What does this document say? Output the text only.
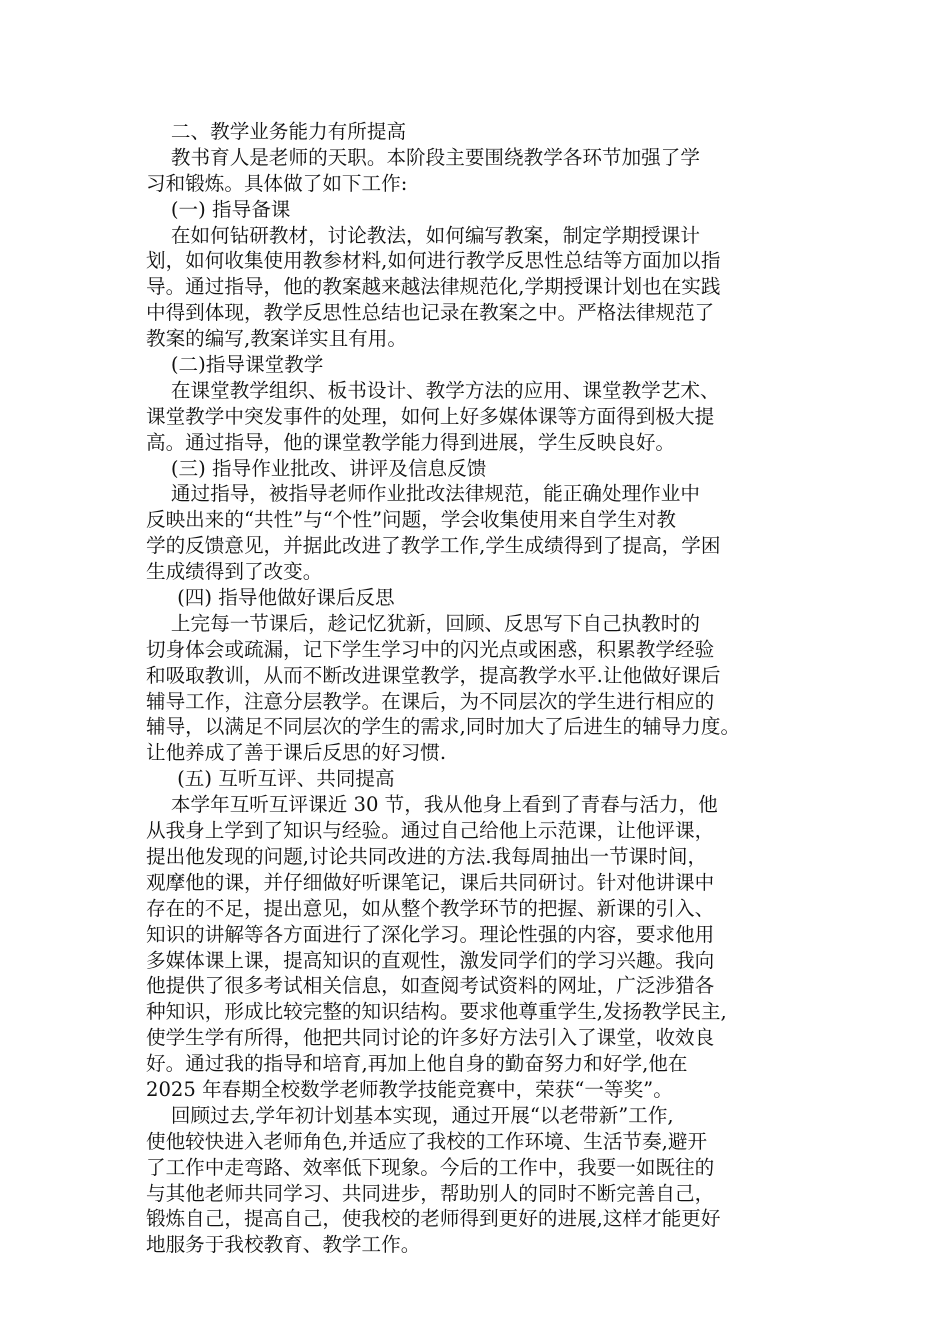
二、教学业务能力有所提高
教书育人是老师的天职。本阶段主要围绕教学各环节加强了学
习和锻炼。具体做了如下工作:
(一) 指导备课
在如何钻研教材，讨论教法，如何编写教案，制定学期授课计
划，如何收集使用教参材料,如何进行教学反思性总结等方面加以指
导。通过指导，他的教案越来越法律规范化,学期授课计划也在实践
中得到体现，教学反思性总结也记录在教案之中。严格法律规范了
教案的编写,教案详实且有用。
(二)指导课堂教学
在课堂教学组织、板书设计、教学方法的应用、课堂教学艺术、
课堂教学中突发事件的处理，如何上好多媒体课等方面得到极大提
高。通过指导，他的课堂教学能力得到进展，学生反映良好。
(三) 指导作业批改、讲评及信息反馈
通过指导，被指导老师作业批改法律规范，能正确处理作业中
反映出来的“共性”与“个性”问题，学会收集使用来自学生对教
学的反馈意见，并据此改进了教学工作,学生成绩得到了提高，学困
生成绩得到了改变。
(四) 指导他做好课后反思
上完每一节课后，趁记忆犹新，回顾、反思写下自己执教时的
切身体会或疏漏，记下学生学习中的闪光点或困惑，积累教学经验
和吸取教训，从而不断改进课堂教学，提高教学水平.让他做好课后
辅导工作，注意分层教学。在课后，为不同层次的学生进行相应的
辅导，以满足不同层次的学生的需求,同时加大了后进生的辅导力度。
让他养成了善于课后反思的好习惯.
(五) 互听互评、共同提高
本学年互听互评课近 30 节，我从他身上看到了青春与活力，他
从我身上学到了知识与经验。通过自己给他上示范课，让他评课，
提出他发现的问题,讨论共同改进的方法.我每周抽出一节课时间，
观摩他的课，并仔细做好听课笔记，课后共同研讨。针对他讲课中
存在的不足，提出意见，如从整个教学环节的把握、新课的引入、
知识的讲解等各方面进行了深化学习。理论性强的内容，要求他用
多媒体课上课，提高知识的直观性，激发同学们的学习兴趣。我向
他提供了很多考试相关信息，如查阅考试资料的网址，广泛涉猎各
种知识，形成比较完整的知识结构。要求他尊重学生,发扬教学民主,
使学生学有所得，他把共同讨论的许多好方法引入了课堂，收效良
好。通过我的指导和培育,再加上他自身的勤奋努力和好学,他在
2025 年春期全校数学老师教学技能竞赛中，荣获“一等奖”。
回顾过去,学年初计划基本实现，通过开展“以老带新”工作,
使他较快进入老师角色,并适应了我校的工作环境、生活节奏,避开
了工作中走弯路、效率低下现象。今后的工作中，我要一如既往的
与其他老师共同学习、共同进步，帮助别人的同时不断完善自己，
锻炼自己，提高自己，使我校的老师得到更好的进展,这样才能更好
地服务于我校教育、教学工作。
